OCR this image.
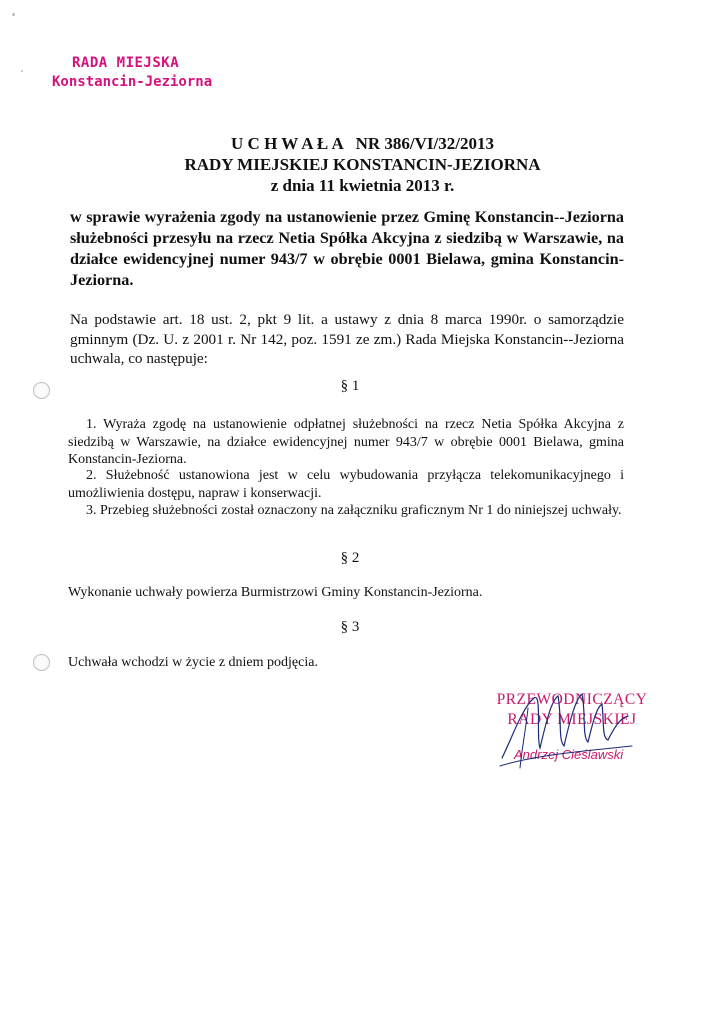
RADA MIEJSKA
Konstancin-Jeziorna
U C H W A Ł A   NR 386/VI/32/2013
RADY MIEJSKIEJ KONSTANCIN-JEZIORNA
z dnia 11 kwietnia 2013 r.
w sprawie wyrażenia zgody na ustanowienie przez Gminę Konstancin--Jeziorna służebności przesyłu na rzecz Netia Spółka Akcyjna z siedzibą w Warszawie, na działce ewidencyjnej numer 943/7 w obrębie 0001 Bielawa, gmina Konstancin-Jeziorna.
Na podstawie art. 18 ust. 2, pkt 9 lit. a ustawy z dnia 8 marca 1990r. o samorządzie gminnym (Dz. U. z 2001 r. Nr 142, poz. 1591 ze zm.) Rada Miejska Konstancin--Jeziorna uchwala, co następuje:
§ 1
1. Wyraża zgodę na ustanowienie odpłatnej służebności na rzecz Netia Spółka Akcyjna z siedzibą w Warszawie, na działce ewidencyjnej numer 943/7 w obrębie 0001 Bielawa, gmina Konstancin-Jeziorna.
2. Służebność ustanowiona jest w celu wybudowania przyłącza telekomunikacyjnego i umożliwienia dostępu, napraw i konserwacji.
3. Przebieg służebności został oznaczony na załączniku graficznym Nr 1 do niniejszej uchwały.
§ 2
Wykonanie uchwały powierza Burmistrzowi Gminy Konstancin-Jeziorna.
§ 3
Uchwała wchodzi w życie z dniem podjęcia.
PRZEWODNICZĄCY
RADY MIEJSKIEJ
Andrzej Cieślawski
